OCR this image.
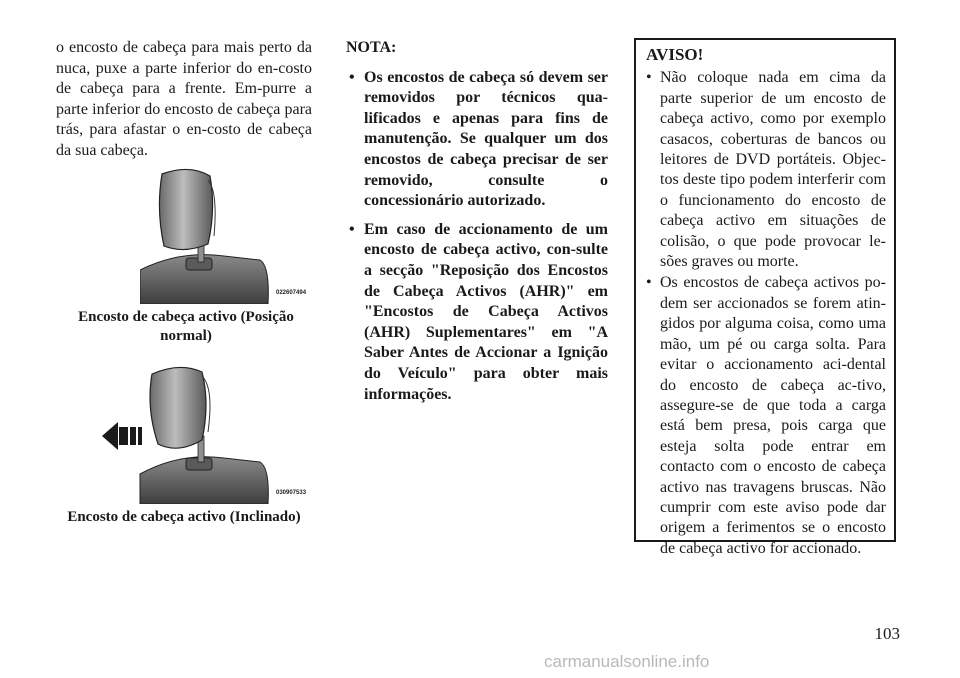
o encosto de cabeça para mais perto da nuca, puxe a parte inferior do en-costo de cabeça para a frente. Em-purre a parte inferior do encosto de cabeça para trás, para afastar o en-costo de cabeça da sua cabeça.
022607494
Encosto de cabeça activo (Posição normal)
030907533
Encosto de cabeça activo (Inclinado)
NOTA:
• Os encostos de cabeça só devem ser removidos por técnicos qua-lificados e apenas para fins de manutenção. Se qualquer um dos encostos de cabeça precisar de ser removido, consulte o concessionário autorizado.
• Em caso de accionamento de um encosto de cabeça activo, con-sulte a secção "Reposição dos Encostos de Cabeça Activos (AHR)" em "Encostos de Cabeça Activos (AHR) Suplementares" em "A Saber Antes de Accionar a Ignição do Veículo" para obter mais informações.
AVISO!
• Não coloque nada em cima da parte superior de um encosto de cabeça activo, como por exemplo casacos, coberturas de bancos ou leitores de DVD portáteis. Objec-tos deste tipo podem interferir com o funcionamento do encosto de cabeça activo em situações de colisão, o que pode provocar le-sões graves ou morte.
• Os encostos de cabeça activos po-dem ser accionados se forem atin-gidos por alguma coisa, como uma mão, um pé ou carga solta. Para evitar o accionamento aci-dental do encosto de cabeça ac-tivo, assegure-se de que toda a carga está bem presa, pois carga que esteja solta pode entrar em contacto com o encosto de cabeça activo nas travagens bruscas. Não cumprir com este aviso pode dar origem a ferimentos se o encosto de cabeça activo for accionado.
103
carmanualsonline.info
